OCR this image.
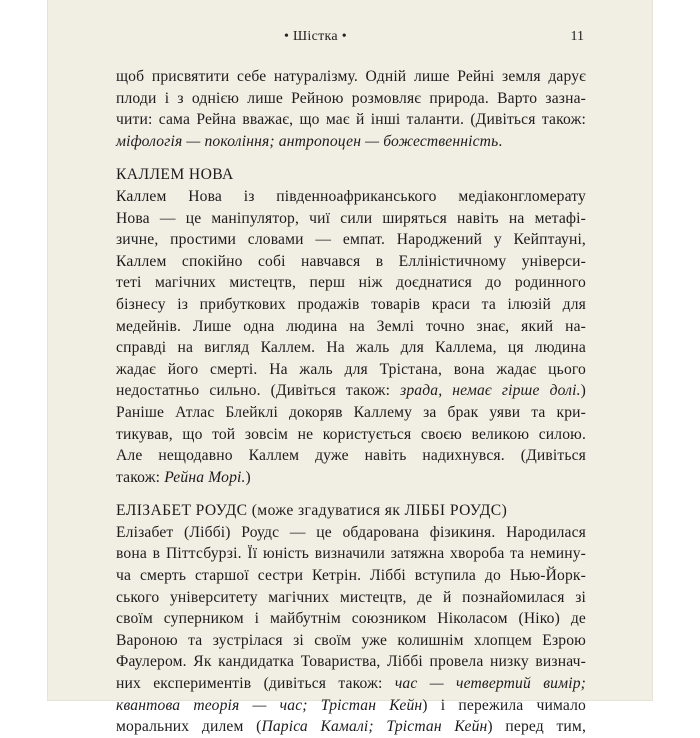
• Шістка •	11
щоб присвятити себе натуралізму. Одній лише Рейні земля дарує
плоди і з однією лише Рейною розмовляє природа. Варто зазна-
чити: сама Рейна вважає, що має й інші таланти. (Дивіться також:
міфологія — покоління; антропоцен — божественність.
КАЛЛЕМ НОВА
Каллем Нова із південноафриканського медіаконгломерату
Нова — це маніпулятор, чиї сили ширяться навіть на метафі-
зичне, простими словами — емпат. Народжений у Кейптауні,
Каллем спокійно собі навчався в Елліністичному універси-
теті магічних мистецтв, перш ніж доєднатися до родинного
бізнесу із прибуткових продажів товарів краси та ілюзій для
медейнів. Лише одна людина на Землі точно знає, який на-
справді на вигляд Каллем. На жаль для Каллема, ця людина
жадає його смерті. На жаль для Трістана, вона жадає цього
недостатньо сильно. (Дивіться також: зрада, немає гірше долі.)
Раніше Атлас Блейклі докоряв Каллему за брак уяви та кри-
тикував, що той зовсім не користується своєю великою силою.
Але нещодавно Каллем дуже навіть надихнувся. (Дивіться
також: Рейна Морі.)
ЕЛІЗАБЕТ РОУДС (може згадуватися як ЛІББІ РОУДС)
Елізабет (Ліббі) Роудс — це обдарована фізикиня. Народилася
вона в Піттсбурзі. Її юність визначили затяжна хвороба та немину-
ча смерть старшої сестри Кетрін. Ліббі вступила до Нью-Йорк-
ського університету магічних мистецтв, де й познайомилася зі
своїм суперником і майбутнім союзником Ніколасом (Ніко) де
Вароною та зустрілася зі своїм уже колишнім хлопцем Езрою
Фаулером. Як кандидатка Товариства, Ліббі провела низку визнач-
них експериментів (дивіться також: час — четвертий вимір;
квантова теорія — час; Трістан Кейн) і пережила чимало
моральних дилем (Паріса Камалі; Трістан Кейн) перед тим,
